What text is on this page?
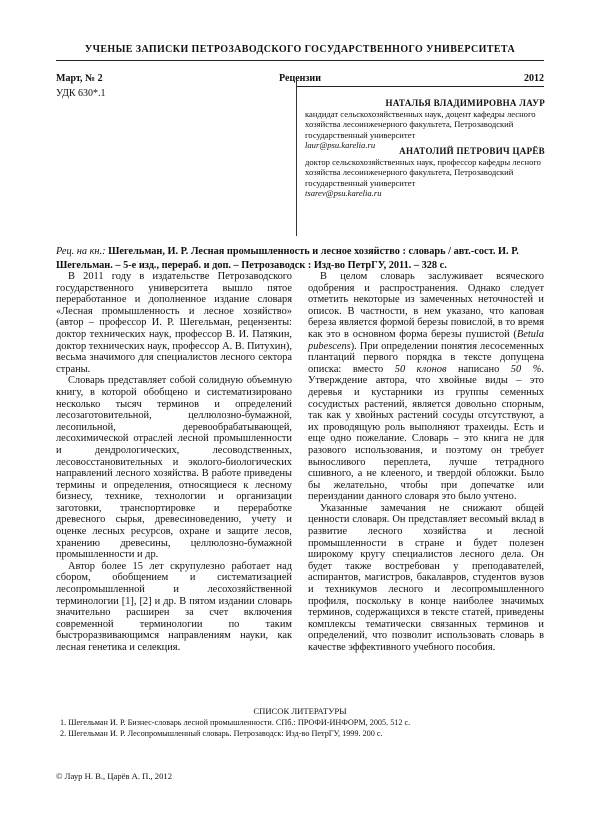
УЧЕНЫЕ ЗАПИСКИ ПЕТРОЗАВОДСКОГО ГОСУДАРСТВЕННОГО УНИВЕРСИТЕТА
Март, № 2	Рецензии	2012
УДК 630*.1
НАТАЛЬЯ ВЛАДИМИРОВНА ЛАУР
кандидат сельскохозяйственных наук, доцент кафедры лесного хозяйства лесоинженерного факультета, Петрозаводский государственный университет
laur@psu.karelia.ru
АНАТОЛИЙ ПЕТРОВИЧ ЦАРЁВ
доктор сельскохозяйственных наук, профессор кафедры лесного хозяйства лесоинженерного факультета, Петрозаводский государственный университет
tsarev@psu.karelia.ru
Рец. на кн.: Шегельман, И. Р. Лесная промышленность и лесное хозяйство : словарь / авт.-сост. И. Р. Шегельман. – 5-е изд., перераб. и доп. – Петрозаводск : Изд-во ПетрГУ, 2011. – 328 с.

В 2011 году в издательстве Петрозаводского государственного университета вышло пятое переработанное и дополненное издание словаря «Лесная промышленность и лесное хозяйство» (автор – профессор И. Р. Шегельман, рецензенты: доктор технических наук, профессор В. И. Патякин, доктор технических наук, профессор А. В. Питухин), весьма значимого для специалистов лесного сектора страны.

Словарь представляет собой солидную объемную книгу, в которой обобщено и систематизировано несколько тысяч терминов и определений лесозаготовительной, целлюлозно-бумажной, лесопильной, деревообрабатывающей, лесохимической отраслей лесной промышленности и дендрологических, лесоводственных, лесовосстановительных и эколого-биологических направлений лесного хозяйства. В работе приведены термины и определения, относящиеся к лесному бизнесу, технике, технологии и организации заготовки, транспортировке и переработке древесного сырья, древесиноведению, учету и оценке лесных ресурсов, охране и защите лесов, хранению древесины, целлюлозно-бумажной промышленности и др.

Автор более 15 лет скрупулезно работает над сбором, обобщением и систематизацией лесопромышленной и лесохозяйственной терминологии [1], [2] и др. В пятом издании словарь значительно расширен за счет включения современной терминологии по таким быстроразвивающимся направлениям науки, как лесная генетика и селекция.

В целом словарь заслуживает всяческого одобрения и распространения. Однако следует отметить некоторые из замеченных неточностей и описок. В частности, в нем указано, что каповая береза является формой березы повислой, в то время как это в основном форма березы пушистой (Betula pubescens). При определении понятия лесосеменных плантаций первого порядка в тексте допущена описка: вместо 50 клонов написано 50 %. Утверждение автора, что хвойные виды – это деревья и кустарники из группы семенных сосудистых растений, является довольно спорным, так как у хвойных растений сосуды отсутствуют, а их проводящую роль выполняют трахеиды. Есть и еще одно пожелание. Словарь – это книга не для разового использования, и поэтому он требует выносливого переплета, лучше тетрадного сшивного, а не клееного, и твердой обложки. Было бы желательно, чтобы при допечатке или переиздании данного словаря это было учтено.

Указанные замечания не снижают общей ценности словаря. Он представляет весомый вклад в развитие лесного хозяйства и лесной промышленности в стране и будет полезен широкому кругу специалистов лесного дела. Он будет также востребован у преподавателей, аспирантов, магистров, бакалавров, студентов вузов и техникумов лесного и лесопромышленного профиля, поскольку в конце наиболее значимых терминов, содержащихся в тексте статей, приведены комплексы тематически связанных терминов и определений, что позволит использовать словарь в качестве эффективного учебного пособия.

СПИСОК ЛИТЕРАТУРЫ
1. Шегельман И. Р. Бизнес-словарь лесной промышленности. СПб.: ПРОФИ-ИНФОРМ, 2005. 512 с.
2. Шегельман И. Р. Лесопромышленный словарь. Петрозаводск: Изд-во ПетрГУ, 1999. 200 с.
© Лаур Н. В., Царёв А. П., 2012
